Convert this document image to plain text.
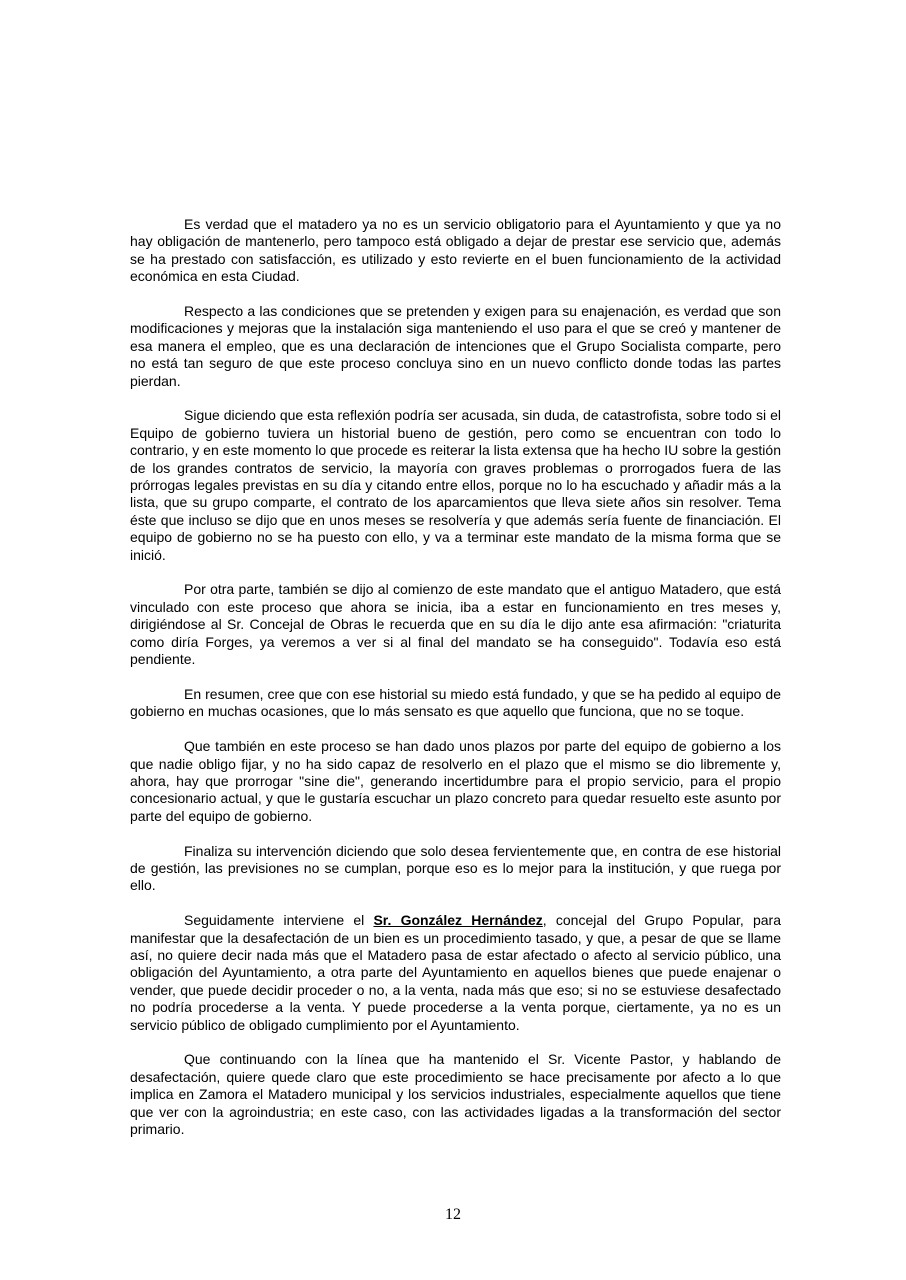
Es verdad que el matadero ya no es un servicio obligatorio para el Ayuntamiento y que ya no hay obligación de mantenerlo, pero tampoco está obligado a dejar de prestar ese servicio que, además se ha prestado con satisfacción, es utilizado y esto revierte en el buen funcionamiento de la actividad económica en esta Ciudad.

Respecto a las condiciones que se pretenden y exigen para su enajenación, es verdad que son modificaciones y mejoras que la instalación siga manteniendo el uso para el que se creó y mantener de esa manera el empleo, que es una declaración de intenciones que el Grupo Socialista comparte, pero no está tan seguro de que este proceso concluya sino en un nuevo conflicto donde todas las partes pierdan.

Sigue diciendo que esta reflexión podría ser acusada, sin duda, de catastrofista, sobre todo si el Equipo de gobierno tuviera un historial bueno de gestión, pero como se encuentran con todo lo contrario, y en este momento lo que procede es reiterar la lista extensa que ha hecho IU sobre la gestión de los grandes contratos de servicio, la mayoría con graves problemas o prorrogados fuera de las prórrogas legales previstas en su día y citando entre ellos, porque no lo ha escuchado y añadir más a la lista, que su grupo comparte, el contrato de los aparcamientos que lleva siete años sin resolver. Tema éste que incluso se dijo que en unos meses se resolvería y que además sería fuente de financiación. El equipo de gobierno no se ha puesto con ello, y va a terminar este mandato de la misma forma que se inició.

Por otra parte, también se dijo al comienzo de este mandato que el antiguo Matadero, que está vinculado con este proceso que ahora se inicia, iba a estar en funcionamiento en tres meses y, dirigiéndose al Sr. Concejal de Obras le recuerda que en su día le dijo ante esa afirmación: "criaturita como diría Forges, ya veremos a ver si al final del mandato se ha conseguido". Todavía eso está pendiente.

En resumen, cree que con ese historial su miedo está fundado, y que se ha pedido al equipo de gobierno en muchas ocasiones, que lo más sensato es que aquello que funciona, que no se toque.

Que también en este proceso se han dado unos plazos por parte del equipo de gobierno a los que nadie obligo fijar, y no ha sido capaz de resolverlo en el plazo que el mismo se dio libremente y, ahora, hay que prorrogar "sine die", generando incertidumbre para el propio servicio, para el propio concesionario actual, y que le gustaría escuchar un plazo concreto para quedar resuelto este asunto por parte del equipo de gobierno.

Finaliza su intervención diciendo que solo desea fervientemente que, en contra de ese historial de gestión, las previsiones no se cumplan, porque eso es lo mejor para la institución, y que ruega por ello.

Seguidamente interviene el Sr. González Hernández, concejal del Grupo Popular, para manifestar que la desafectación de un bien es un procedimiento tasado, y que, a pesar de que se llame así, no quiere decir nada más que el Matadero pasa de estar afectado o afecto al servicio público, una obligación del Ayuntamiento, a otra parte del Ayuntamiento en aquellos bienes que puede enajenar o vender, que puede decidir proceder o no, a la venta, nada más que eso; si no se estuviese desafectado no podría procederse a la venta. Y puede procederse a la venta porque, ciertamente, ya no es un servicio público de obligado cumplimiento por el Ayuntamiento.

Que continuando con la línea que ha mantenido el Sr. Vicente Pastor, y hablando de desafectación, quiere quede claro que este procedimiento se hace precisamente por afecto a lo que implica en Zamora el Matadero municipal y los servicios industriales, especialmente aquellos que tiene que ver con la agroindustria; en este caso, con las actividades ligadas a la transformación del sector primario.

12
